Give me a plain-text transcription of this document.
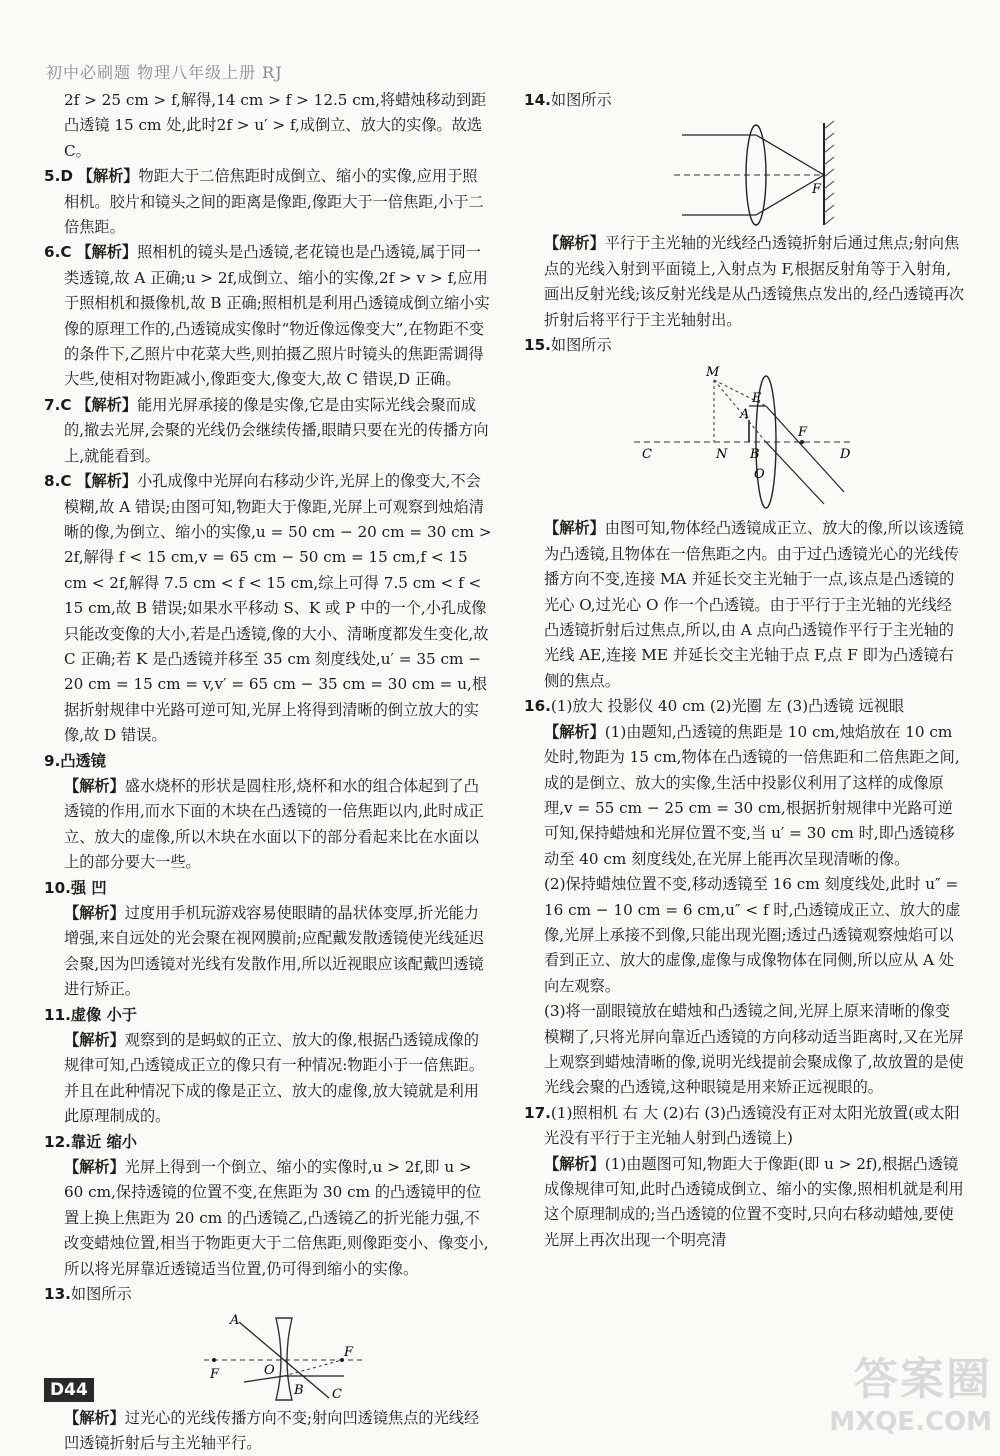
初中必刷题 物理八年级上册 RJ

2f > 25 cm > f,解得,14 cm > f > 12.5 cm,将蜡烛移动到距凸透镜 15 cm 处,此时2f > u′ > f,成倒立、放大的实像。故选 C。

5.D 【解析】物距大于二倍焦距时成倒立、缩小的实像,应用于照相机。胶片和镜头之间的距离是像距,像距大于一倍焦距,小于二倍焦距。
6.C 【解析】照相机的镜头是凸透镜,老花镜也是凸透镜,属于同一类透镜,故 A 正确;u > 2f,成倒立、缩小的实像,2f > v > f,应用于照相机和摄像机,故 B 正确;照相机是利用凸透镜成倒立缩小实像的原理工作的,凸透镜成实像时“物近像远像变大”,在物距不变的条件下,乙照片中花菜大些,则拍摄乙照片时镜头的焦距需调得大些,使相对物距减小,像距变大,像变大,故 C 错误,D 正确。
7.C 【解析】能用光屏承接的像是实像,它是由实际光线会聚而成的,撤去光屏,会聚的光线仍会继续传播,眼睛只要在光的传播方向上,就能看到。
8.C 【解析】小孔成像中光屏向右移动少许,光屏上的像变大,不会模糊,故 A 错误;由图可知,物距大于像距,光屏上可观察到烛焰清晰的像,为倒立、缩小的实像,u = 50 cm − 20 cm = 30 cm > 2f,解得 f < 15 cm,v = 65 cm − 50 cm = 15 cm,f < 15 cm < 2f,解得 7.5 cm < f < 15 cm,综上可得 7.5 cm < f < 15 cm,故 B 错误;如果水平移动 S、K 或 P 中的一个,小孔成像只能改变像的大小,若是凸透镜,像的大小、清晰度都发生变化,故 C 正确;若 K 是凸透镜并移至 35 cm 刻度线处,u′ = 35 cm − 20 cm = 15 cm = v,v′ = 65 cm − 35 cm = 30 cm = u,根据折射规律中光路可逆可知,光屏上将得到清晰的倒立放大的实像,故 D 错误。
9.凸透镜

【解析】盛水烧杯的形状是圆柱形,烧杯和水的组合体起到了凸透镜的作用,而水下面的木块在凸透镜的一倍焦距以内,此时成正立、放大的虚像,所以木块在水面以下的部分看起来比在水面以上的部分要大一些。

10.强 凹

【解析】过度用手机玩游戏容易使眼睛的晶状体变厚,折光能力增强,来自远处的光会聚在视网膜前;应配戴发散透镜使光线延迟会聚,因为凹透镜对光线有发散作用,所以近视眼应该配戴凹透镜进行矫正。

11.虚像 小于

【解析】观察到的是蚂蚁的正立、放大的像,根据凸透镜成像的规律可知,凸透镜成正立的像只有一种情况:物距小于一倍焦距。并且在此种情况下成的像是正立、放大的虚像,放大镜就是利用此原理制成的。

12.靠近 缩小

【解析】光屏上得到一个倒立、缩小的实像时,u > 2f,即 u > 60 cm,保持透镜的位置不变,在焦距为 30 cm 的凸透镜甲的位置上换上焦距为 20 cm 的凸透镜乙,凸透镜乙的折光能力强,不改变蜡烛位置,相当于物距更大于二倍焦距,则像距变小、像变小,所以将光屏靠近透镜适当位置,仍可得到缩小的实像。

13.如图所示
A
F	O
F
B C

【解析】过光心的光线传播方向不变;射向凹透镜焦点的光线经凹透镜折射后与主光轴平行。

14.如图所示
F

【解析】平行于主光轴的光线经凸透镜折射后通过焦点;射向焦点的光线入射到平面镜上,入射点为 F,根据反射角等于入射角,画出反射光线;该反射光线是从凸透镜焦点发出的,经凸透镜再次折射后将平行于主光轴射出。

15.如图所示
M
E
A
C	N B
F
D
O

【解析】由图可知,物体经凸透镜成正立、放大的像,所以该透镜为凸透镜,且物体在一倍焦距之内。由于过凸透镜光心的光线传播方向不变,连接 MA 并延长交主光轴于一点,该点是凸透镜的光心 O,过光心 O 作一个凸透镜。由于平行于主光轴的光线经凸透镜折射后过焦点,所以,由 A 点向凸透镜作平行于主光轴的光线 AE,连接 ME 并延长交主光轴于点 F,点 F 即为凸透镜右侧的焦点。

16.(1)放大 投影仪 40 cm (2)光圈 左 (3)凸透镜 远视眼

【解析】(1)由题知,凸透镜的焦距是 10 cm,烛焰放在 10 cm处时,物距为 15 cm,物体在凸透镜的一倍焦距和二倍焦距之间,成的是倒立、放大的实像,生活中投影仪利用了这样的成像原理,v = 55 cm − 25 cm = 30 cm,根据折射规律中光路可逆可知,保持蜡烛和光屏位置不变,当 u′ = 30 cm 时,即凸透镜移动至 40 cm 刻度线处,在光屏上能再次呈现清晰的像。

(2)保持蜡烛位置不变,移动透镜至 16 cm 刻度线处,此时 u″ = 16 cm − 10 cm = 6 cm,u″ < f 时,凸透镜成正立、放大的虚像,光屏上承接不到像,只能出现光圈;透过凸透镜观察烛焰可以看到正立、放大的虚像,虚像与成像物体在同侧,所以应从 A 处向左观察。

(3)将一副眼镜放在蜡烛和凸透镜之间,光屏上原来清晰的像变模糊了,只将光屏向靠近凸透镜的方向移动适当距离时,又在光屏上观察到蜡烛清晰的像,说明光线提前会聚成像了,故放置的是使光线会聚的凸透镜,这种眼镜是用来矫正远视眼的。

17.(1)照相机 右 大 (2)右 (3)凸透镜没有正对太阳光放置(或太阳光没有平行于主光轴人射到凸透镜上)

【解析】(1)由题图可知,物距大于像距(即 u > 2f),根据凸透镜成像规律可知,此时凸透镜成倒立、缩小的实像,照相机就是利用这个原理制成的;当凸透镜的位置不变时,只向右移动蜡烛,要使光屏上再次出现一个明亮清

D44	答案圈
MXQE.COM
